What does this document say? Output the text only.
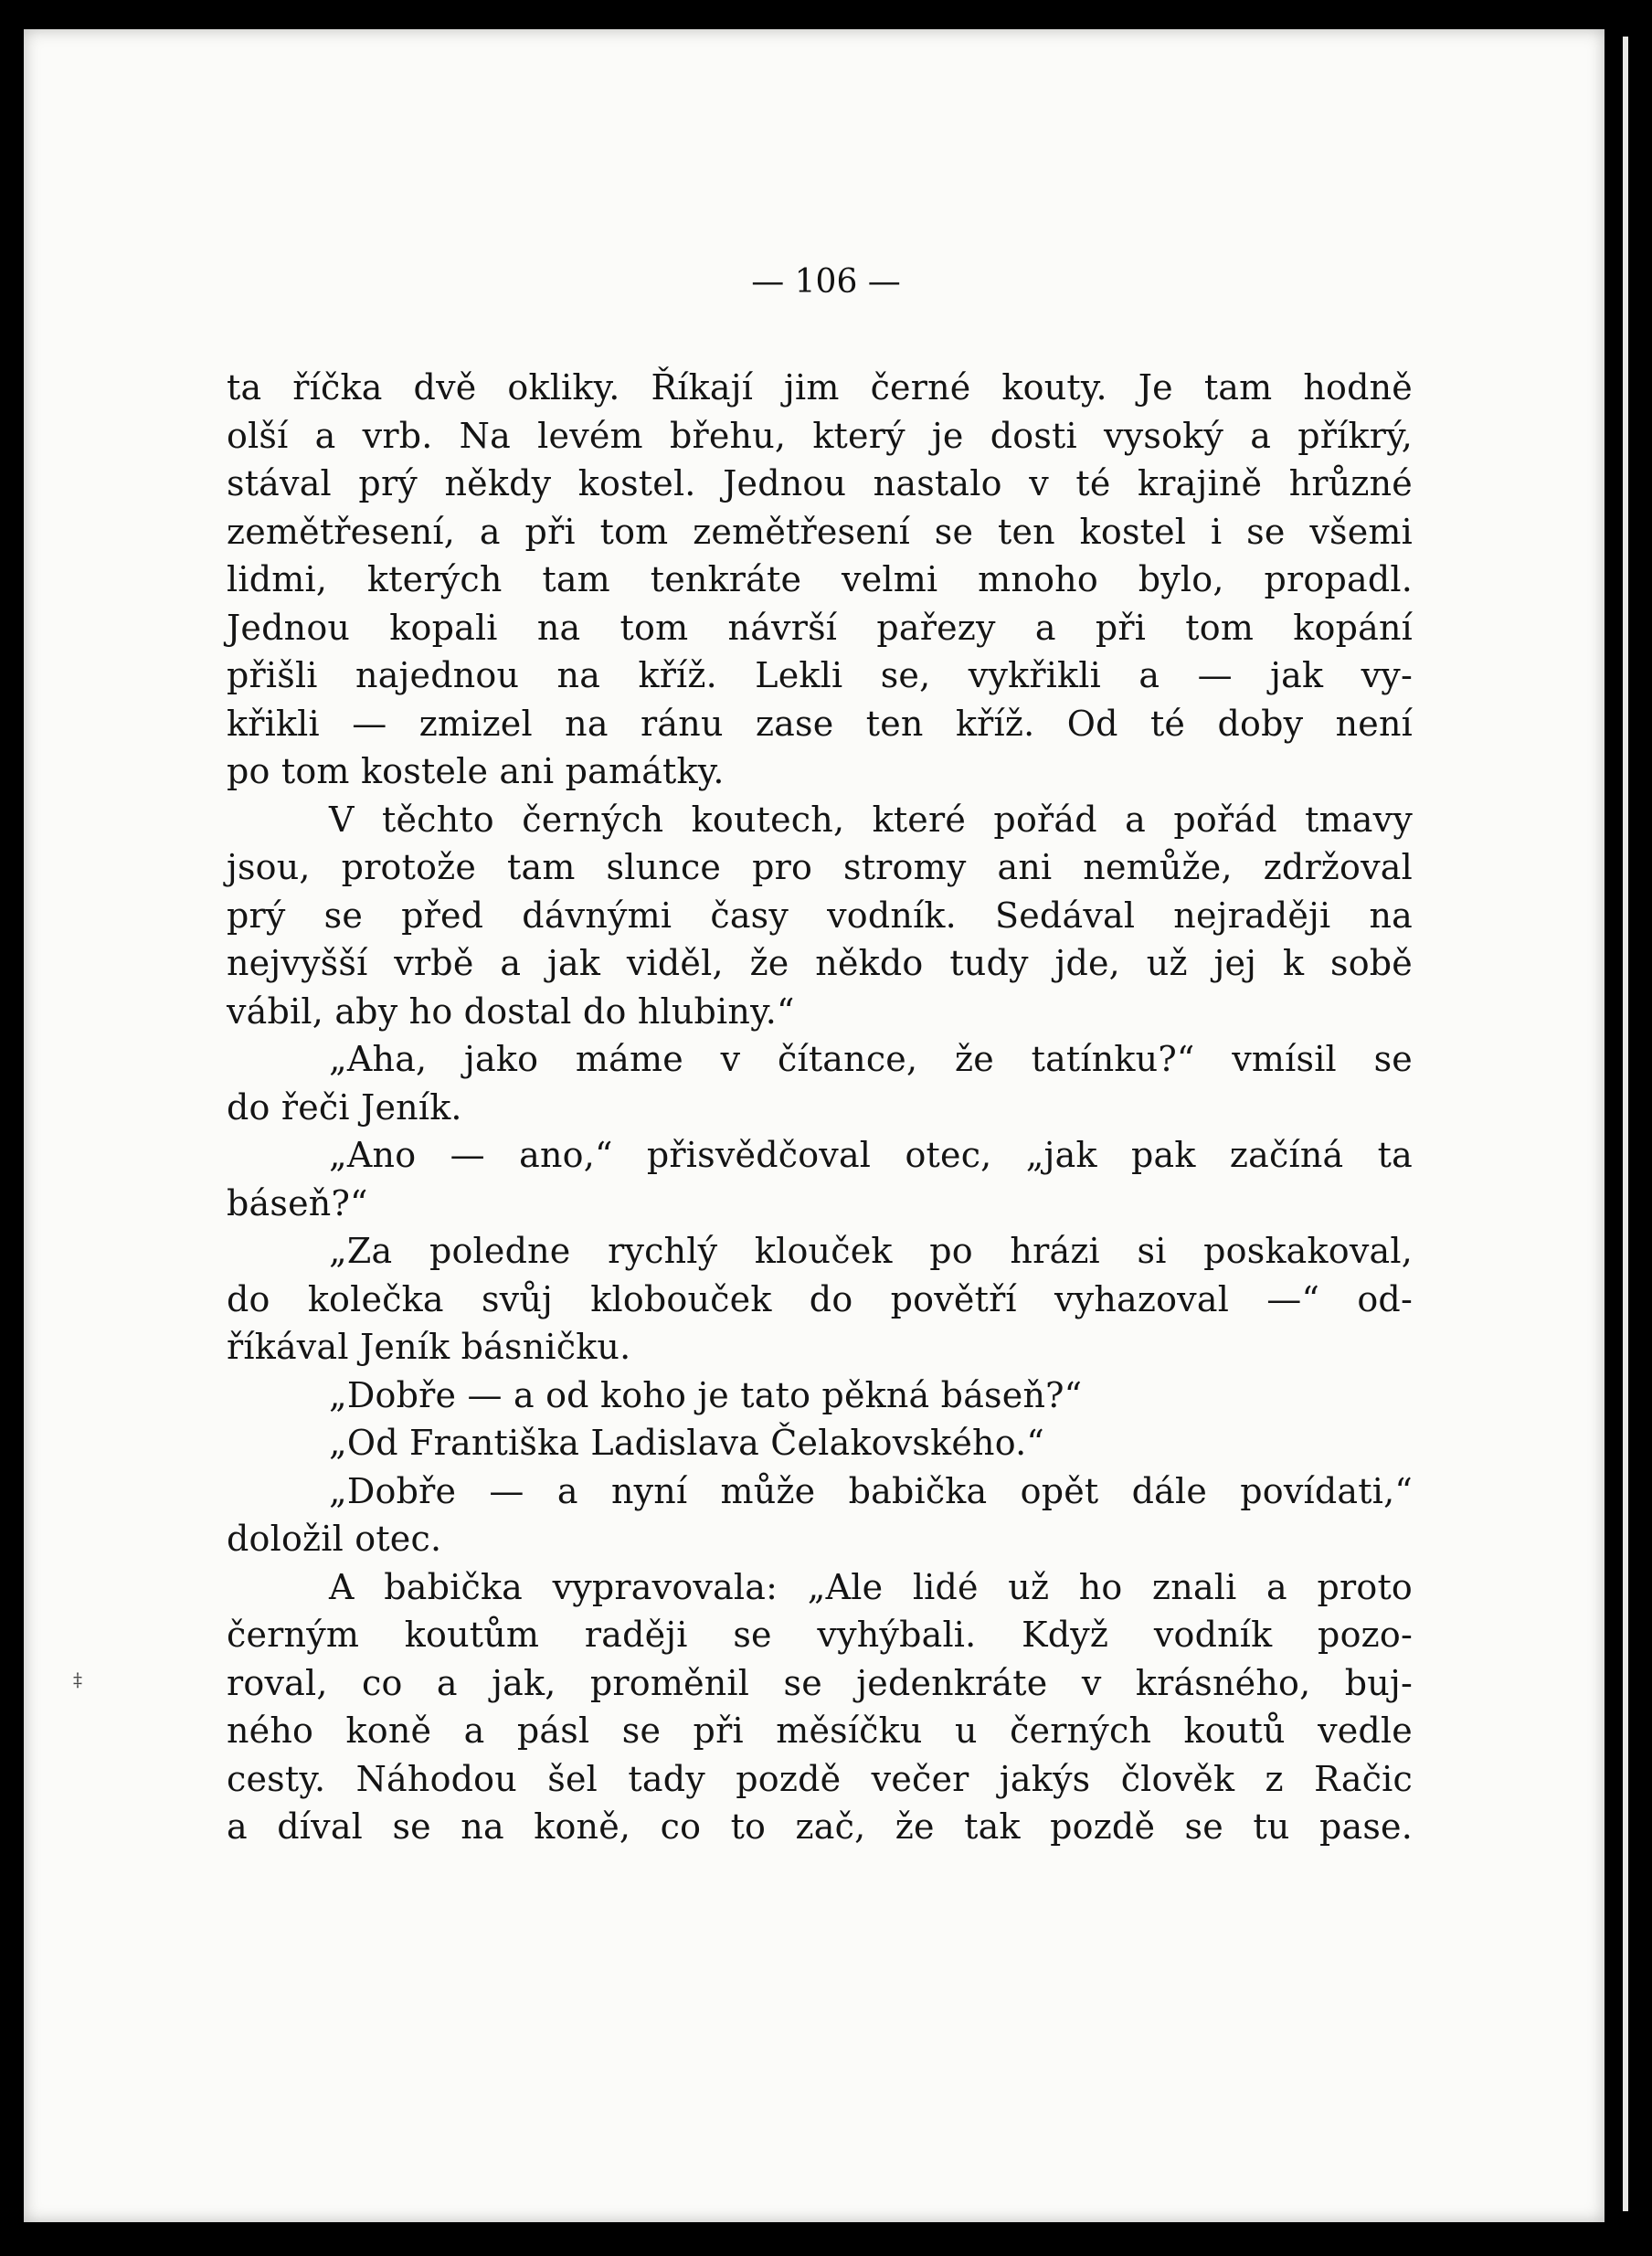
— 106 —
‡
ta říčka dvě okliky. Říkají jim černé kouty. Je tam hodně
olší a vrb. Na levém břehu, který je dosti vysoký a příkrý,
stával prý někdy kostel. Jednou nastalo v té krajině hrůzné
zemětřesení, a při tom zemětřesení se ten kostel i se všemi
lidmi, kterých tam tenkráte velmi mnoho bylo, propadl.
Jednou kopali na tom návrší pařezy a při tom kopání
přišli najednou na kříž. Lekli se, vykřikli a — jak vy-
křikli — zmizel na ránu zase ten kříž. Od té doby není
po tom kostele ani památky.
V těchto černých koutech, které pořád a pořád tmavy
jsou, protože tam slunce pro stromy ani nemůže, zdržoval
prý se před dávnými časy vodník. Sedával nejraději na
nejvyšší vrbě a jak viděl, že někdo tudy jde, už jej k sobě
vábil, aby ho dostal do hlubiny.“
„Aha, jako máme v čítance, že tatínku?“ vmísil se
do řeči Jeník.
„Ano — ano,“ přisvědčoval otec, „jak pak začíná ta
báseň?“
„Za poledne rychlý klouček po hrázi si poskakoval,
do kolečka svůj klobouček do povětří vyhazoval —“ od-
říkával Jeník básničku.
„Dobře — a od koho je tato pěkná báseň?“
„Od Františka Ladislava Čelakovského.“
„Dobře — a nyní může babička opět dále povídati,“
doložil otec.
A babička vypravovala: „Ale lidé už ho znali a proto
černým koutům raději se vyhýbali. Když vodník pozo-
roval, co a jak, proměnil se jedenkráte v krásného, buj-
ného koně a pásl se při měsíčku u černých koutů vedle
cesty. Náhodou šel tady pozdě večer jakýs člověk z Račic
a díval se na koně, co to zač, že tak pozdě se tu pase.
